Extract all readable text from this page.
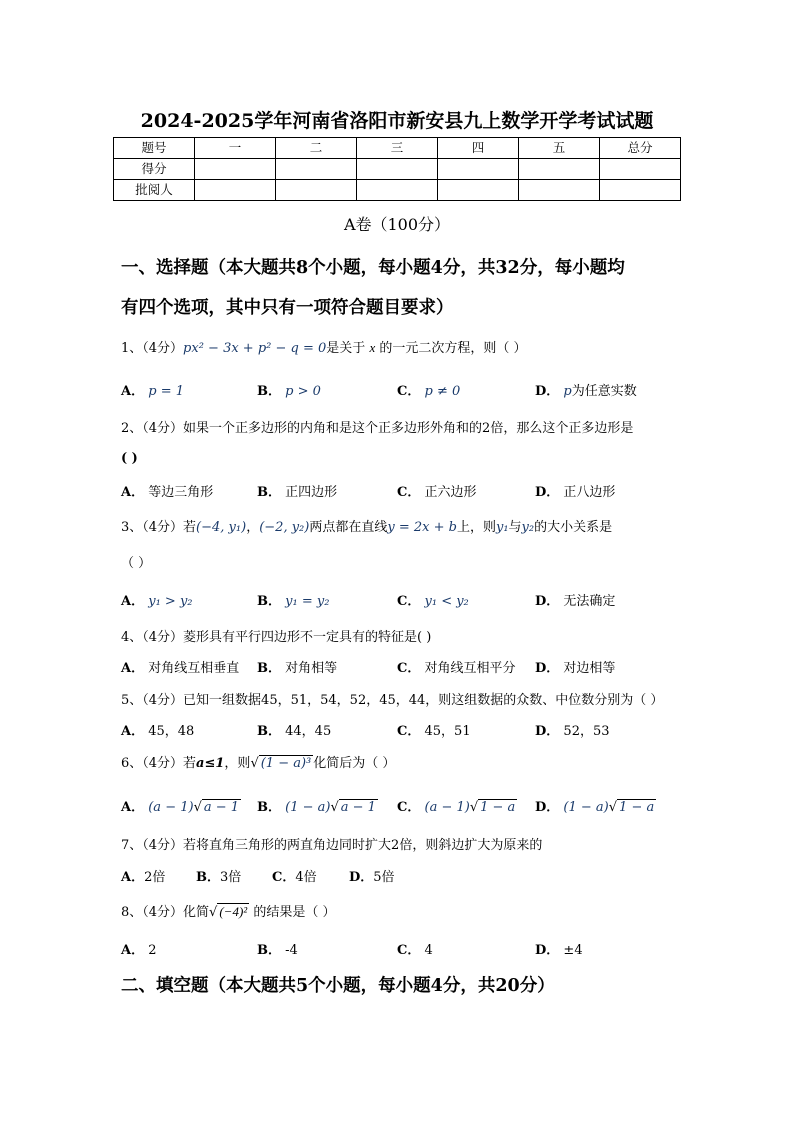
2024-2025学年河南省洛阳市新安县九上数学开学考试试题
题号	一	二	三	四	五	总分
得分						
批阅人						
A卷（100分）
一、选择题（本大题共8个小题，每小题4分，共32分，每小题均
有四个选项，其中只有一项符合题目要求）
1、（4分）px² − 3x + p² − q = 0是关于 x 的一元二次方程，则（ ）
A． p = 1	B． p > 0	C． p ≠ 0	D． p为任意实数
2、（4分）如果一个正多边形的内角和是这个正多边形外角和的2倍，那么这个正多边形是
( )
A． 等边三角形	B． 正四边形	C． 正六边形	D． 正八边形
3、（4分）若(−4, y₁)，(−2, y₂)两点都在直线y = 2x + b上，则y₁与y₂的大小关系是
（ ）
A． y₁ > y₂	B． y₁ = y₂	C． y₁ < y₂	D． 无法确定
4、（4分）菱形具有平行四边形不一定具有的特征是( )
A． 对角线互相垂直 B． 对角相等	C． 对角线互相平分 D． 对边相等
5、（4分）已知一组数据45，51，54，52，45，44，则这组数据的众数、中位数分别为（ ）
A． 45，48	B． 44，45	C． 45，51	D． 52，53
6、（4分）若a≤1，则√ (1 − a)³ 化简后为（ ）
A． (a − 1)√ a − 1 B． (1 − a)√ a − 1 C． (a − 1)√ 1 − a D． (1 − a)√ 1 − a
7、（4分）若将直角三角形的两直角边同时扩大2倍，则斜边扩大为原来的
A．2倍 B．3倍 C．4倍 D．5倍
8、（4分）化简√ (−4)² 的结果是（ ）
A． 2	B． -4	C． 4	D． ±4
二、填空题（本大题共5个小题，每小题4分，共20分）
